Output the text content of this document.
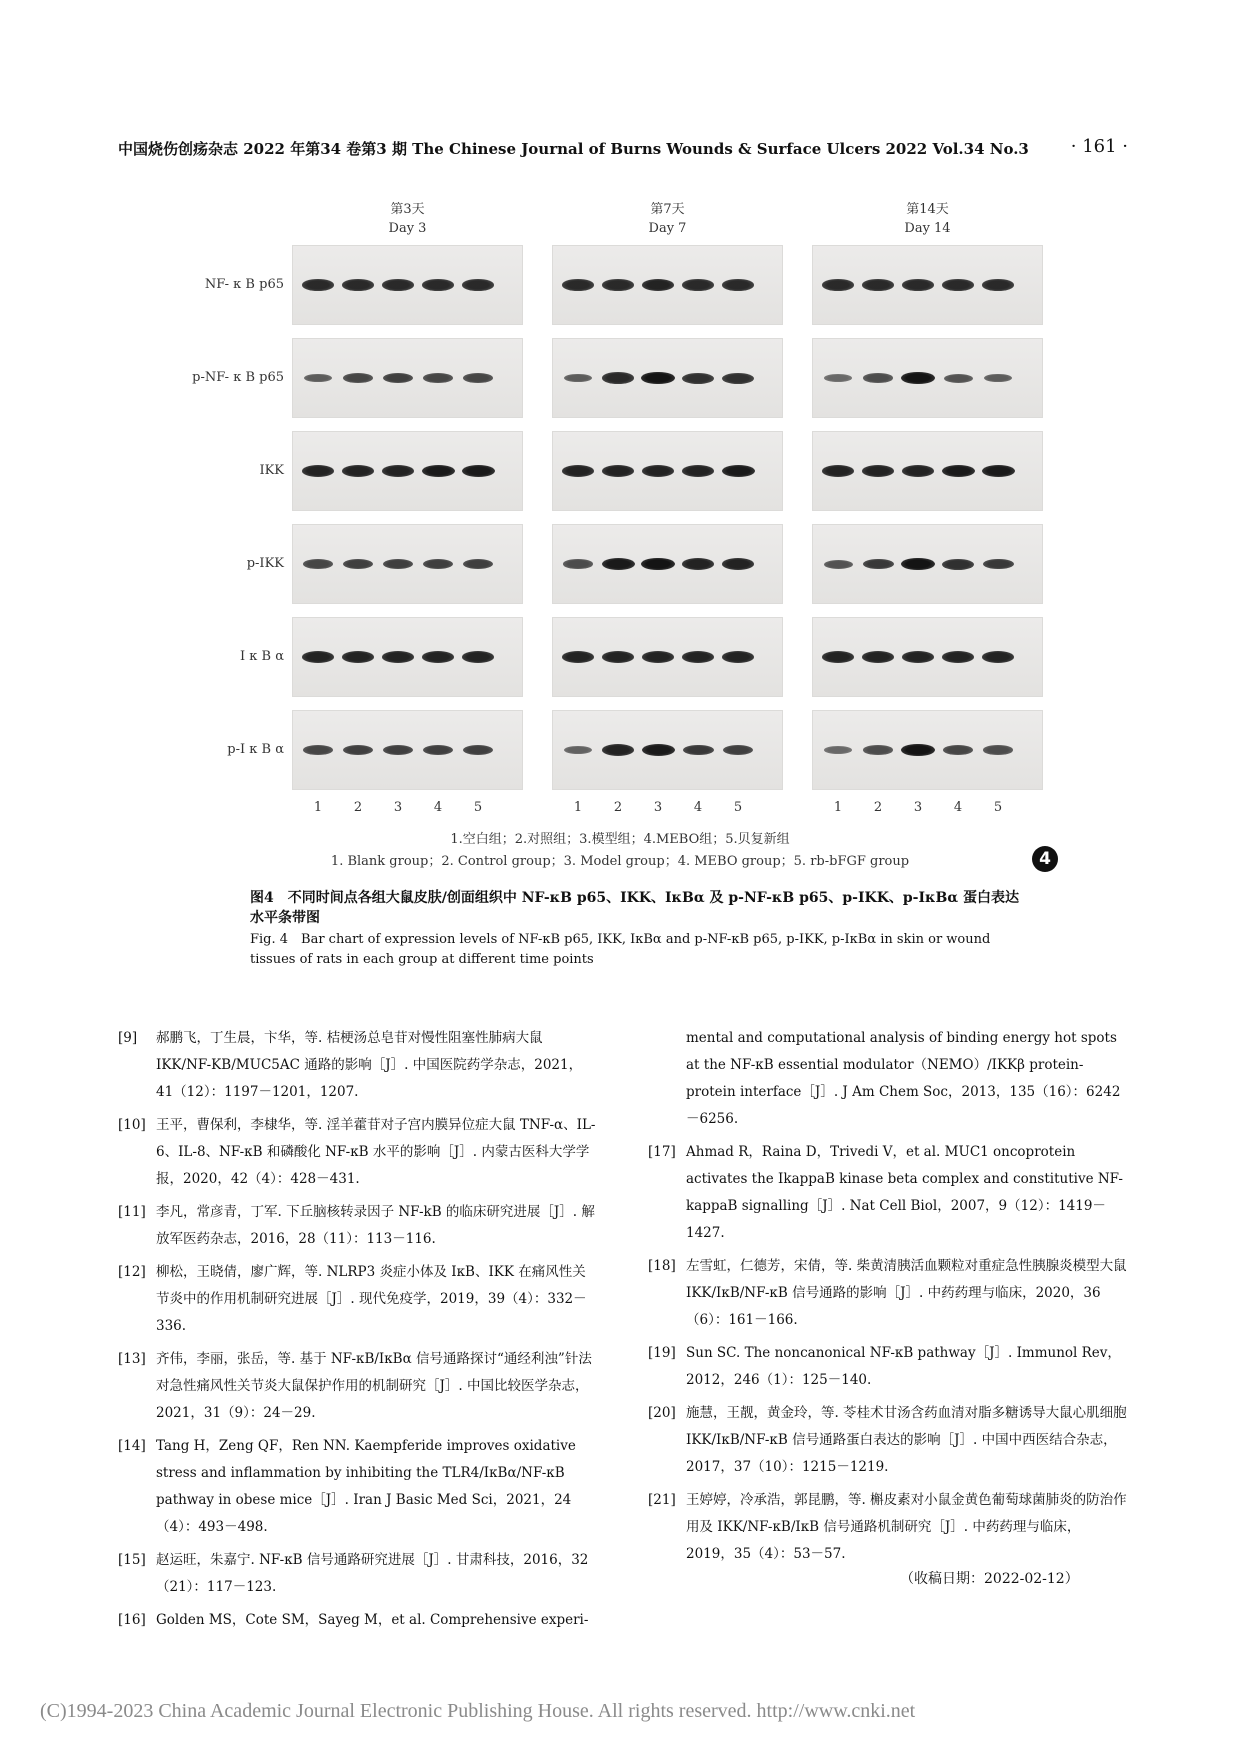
中国烧伤创疡杂志 2022 年第34 卷第3 期 The Chinese Journal of Burns Wounds & Surface Ulcers 2022 Vol.34 No.3 · 161 ·
第3天
Day 3
第7天
Day 7
第14天
Day 14
NF- κ B p65
p-NF- κ B p65
IKK
p-IKK
I κ B α
p-I κ B α
1	2	3	4	5	1	2	3	4	5	1	2	3	4	5
1.空白组；2.对照组；3.模型组；4.MEBO组；5.贝复新组
1. Blank group；2. Control group；3. Model group；4. MEBO group；5. rb-bFGF group	4
图4　不同时间点各组大鼠皮肤/创面组织中 NF-κB p65、IKK、IκBα 及 p-NF-κB p65、p-IKK、p-IκBα 蛋白表达水平条带图
Fig. 4　Bar chart of expression levels of NF-κB p65, IKK, IκBα and p-NF-κB p65, p-IKK, p-IκBα in skin or wound tissues of rats in each group at different time points
[9] 郝鹏飞，丁生晨，卞华，等. 桔梗汤总皂苷对慢性阻塞性肺病大鼠 IKK/NF-KB/MUC5AC 通路的影响［J］. 中国医院药学杂志，2021，41（12）：1197－1201，1207.
[10] 王平，曹保利，李棣华，等. 淫羊藿苷对子宫内膜异位症大鼠 TNF-α、IL-6、IL-8、NF-κB 和磷酸化 NF-κB 水平的影响［J］. 内蒙古医科大学学报，2020，42（4）：428－431.
[11] 李凡，常彦青，丁军. 下丘脑核转录因子 NF-kB 的临床研究进展［J］. 解放军医药杂志，2016，28（11）：113－116.
[12] 柳松，王晓倩，廖广辉，等. NLRP3 炎症小体及 IκB、IKK 在痛风性关节炎中的作用机制研究进展［J］. 现代免疫学，2019，39（4）：332－336.
[13] 齐伟，李丽，张岳，等. 基于 NF-κB/IκBα 信号通路探讨“通经利浊”针法对急性痛风性关节炎大鼠保护作用的机制研究［J］. 中国比较医学杂志，2021，31（9）：24－29.
[14] Tang H，Zeng QF，Ren NN. Kaempferide improves oxidative stress and inflammation by inhibiting the TLR4/IκBα/NF-κB pathway in obese mice［J］. Iran J Basic Med Sci，2021，24（4）：493－498.
[15] 赵运旺，朱嘉宁. NF-κB 信号通路研究进展［J］. 甘肃科技，2016，32（21）：117－123.
[16] Golden MS，Cote SM，Sayeg M，et al. Comprehensive experi-
mental and computational analysis of binding energy hot spots at the NF-κB essential modulator（NEMO）/IKKβ protein-protein interface［J］. J Am Chem Soc，2013，135（16）：6242－6256.
[17] Ahmad R，Raina D，Trivedi V，et al. MUC1 oncoprotein activates the IkappaB kinase beta complex and constitutive NF-kappaB signalling［J］. Nat Cell Biol，2007，9（12）：1419－1427.
[18] 左雪虹，仁德芳，宋倩，等. 柴黄清胰活血颗粒对重症急性胰腺炎模型大鼠 IKK/IκB/NF-κB 信号通路的影响［J］. 中药药理与临床，2020，36（6）：161－166.
[19] Sun SC. The noncanonical NF-κB pathway［J］. Immunol Rev，2012，246（1）：125－140.
[20] 施慧，王靓，黄金玲，等. 苓桂术甘汤含药血清对脂多糖诱导大鼠心肌细胞 IKK/IκB/NF-κB 信号通路蛋白表达的影响［J］. 中国中西医结合杂志，2017，37（10）：1215－1219.
[21] 王婷婷，冷承浩，郭昆鹏，等. 槲皮素对小鼠金黄色葡萄球菌肺炎的防治作用及 IKK/NF-κB/IκB 信号通路机制研究［J］. 中药药理与临床，2019，35（4）：53－57.
（收稿日期：2022-02-12）
(C)1994-2023 China Academic Journal Electronic Publishing House. All rights reserved. http://www.cnki.net
